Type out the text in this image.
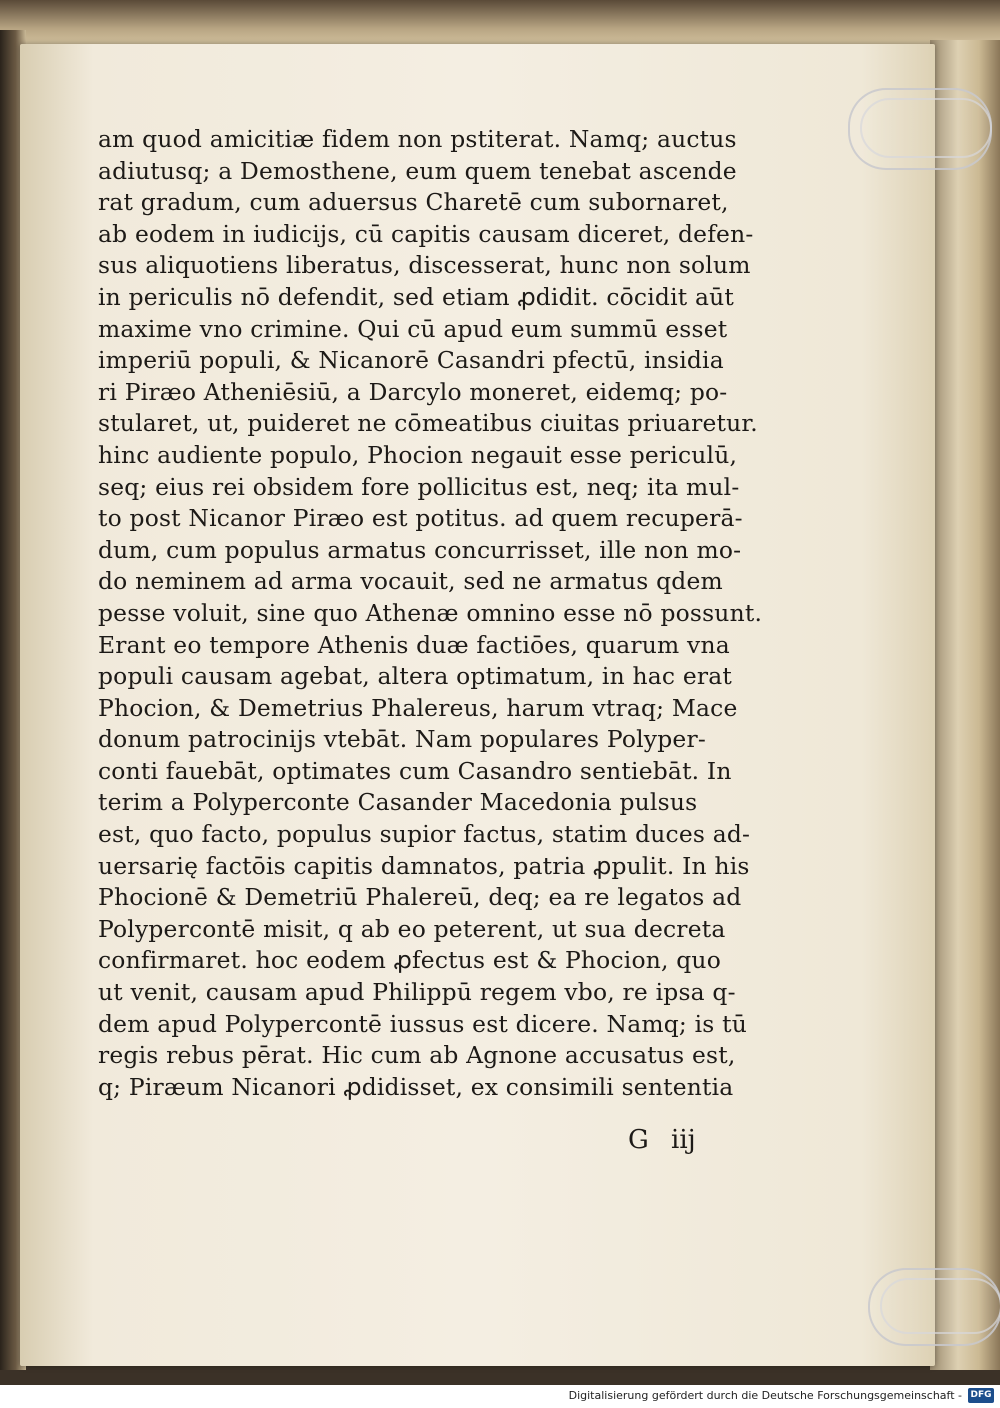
am quod amicitiæ fidem non pstiterat. Namq; auctus
adiutusq; a Demosthene, eum quem tenebat ascende
rat gradum, cum aduersus Charetē cum subornaret,
ab eodem in iudicijs, cū capitis causam diceret, defen-
sus aliquotiens liberatus, discesserat, hunc non solum
in periculis nō defendit, sed etiam ꝓdidit. cōcidit aūt
maxime vno crimine. Qui cū apud eum summū esset
imperiū populi, & Nicanorē Casandri pfectū, insidia
ri Piræo Atheniēsiū, a Darcylo moneret, eidemq; po-
stularet, ut, puideret ne cōmeatibus ciuitas priuaretur.
hinc audiente populo, Phocion negauit esse periculū,
seq; eius rei obsidem fore pollicitus est, neq; ita mul-
to post Nicanor Piræo est potitus. ad quem recuperā-
dum, cum populus armatus concurrisset, ille non mo-
do neminem ad arma vocauit, sed ne armatus qdem
pesse voluit, sine quo Athenæ omnino esse nō possunt.
Erant eo tempore Athenis duæ factiōes, quarum vna
populi causam agebat, altera optimatum, in hac erat
Phocion, & Demetrius Phalereus, harum vtraq; Mace
donum patrocinijs vtebāt. Nam populares Polyper-
conti fauebāt, optimates cum Casandro sentiebāt. In
terim a Polyperconte Casander Macedonia pulsus
est, quo facto, populus supior factus, statim duces ad-
uersarię factōis capitis damnatos, patria ꝓpulit. In his
Phocionē & Demetriū Phalereū, deq; ea re legatos ad
Polypercontē misit, q ab eo peterent, ut sua decreta
confirmaret. hoc eodem ꝓfectus est & Phocion, quo
ut venit, causam apud Philippū regem vbo, re ipsa q-
dem apud Polypercontē iussus est dicere. Namq; is tū
regis rebus pērat. Hic cum ab Agnone accusatus est,
q; Piræum Nicanori ꝓdidisset, ex consimili sententia
G iij
Digitalisierung gefördert durch die Deutsche Forschungsgemeinschaft - DFG
